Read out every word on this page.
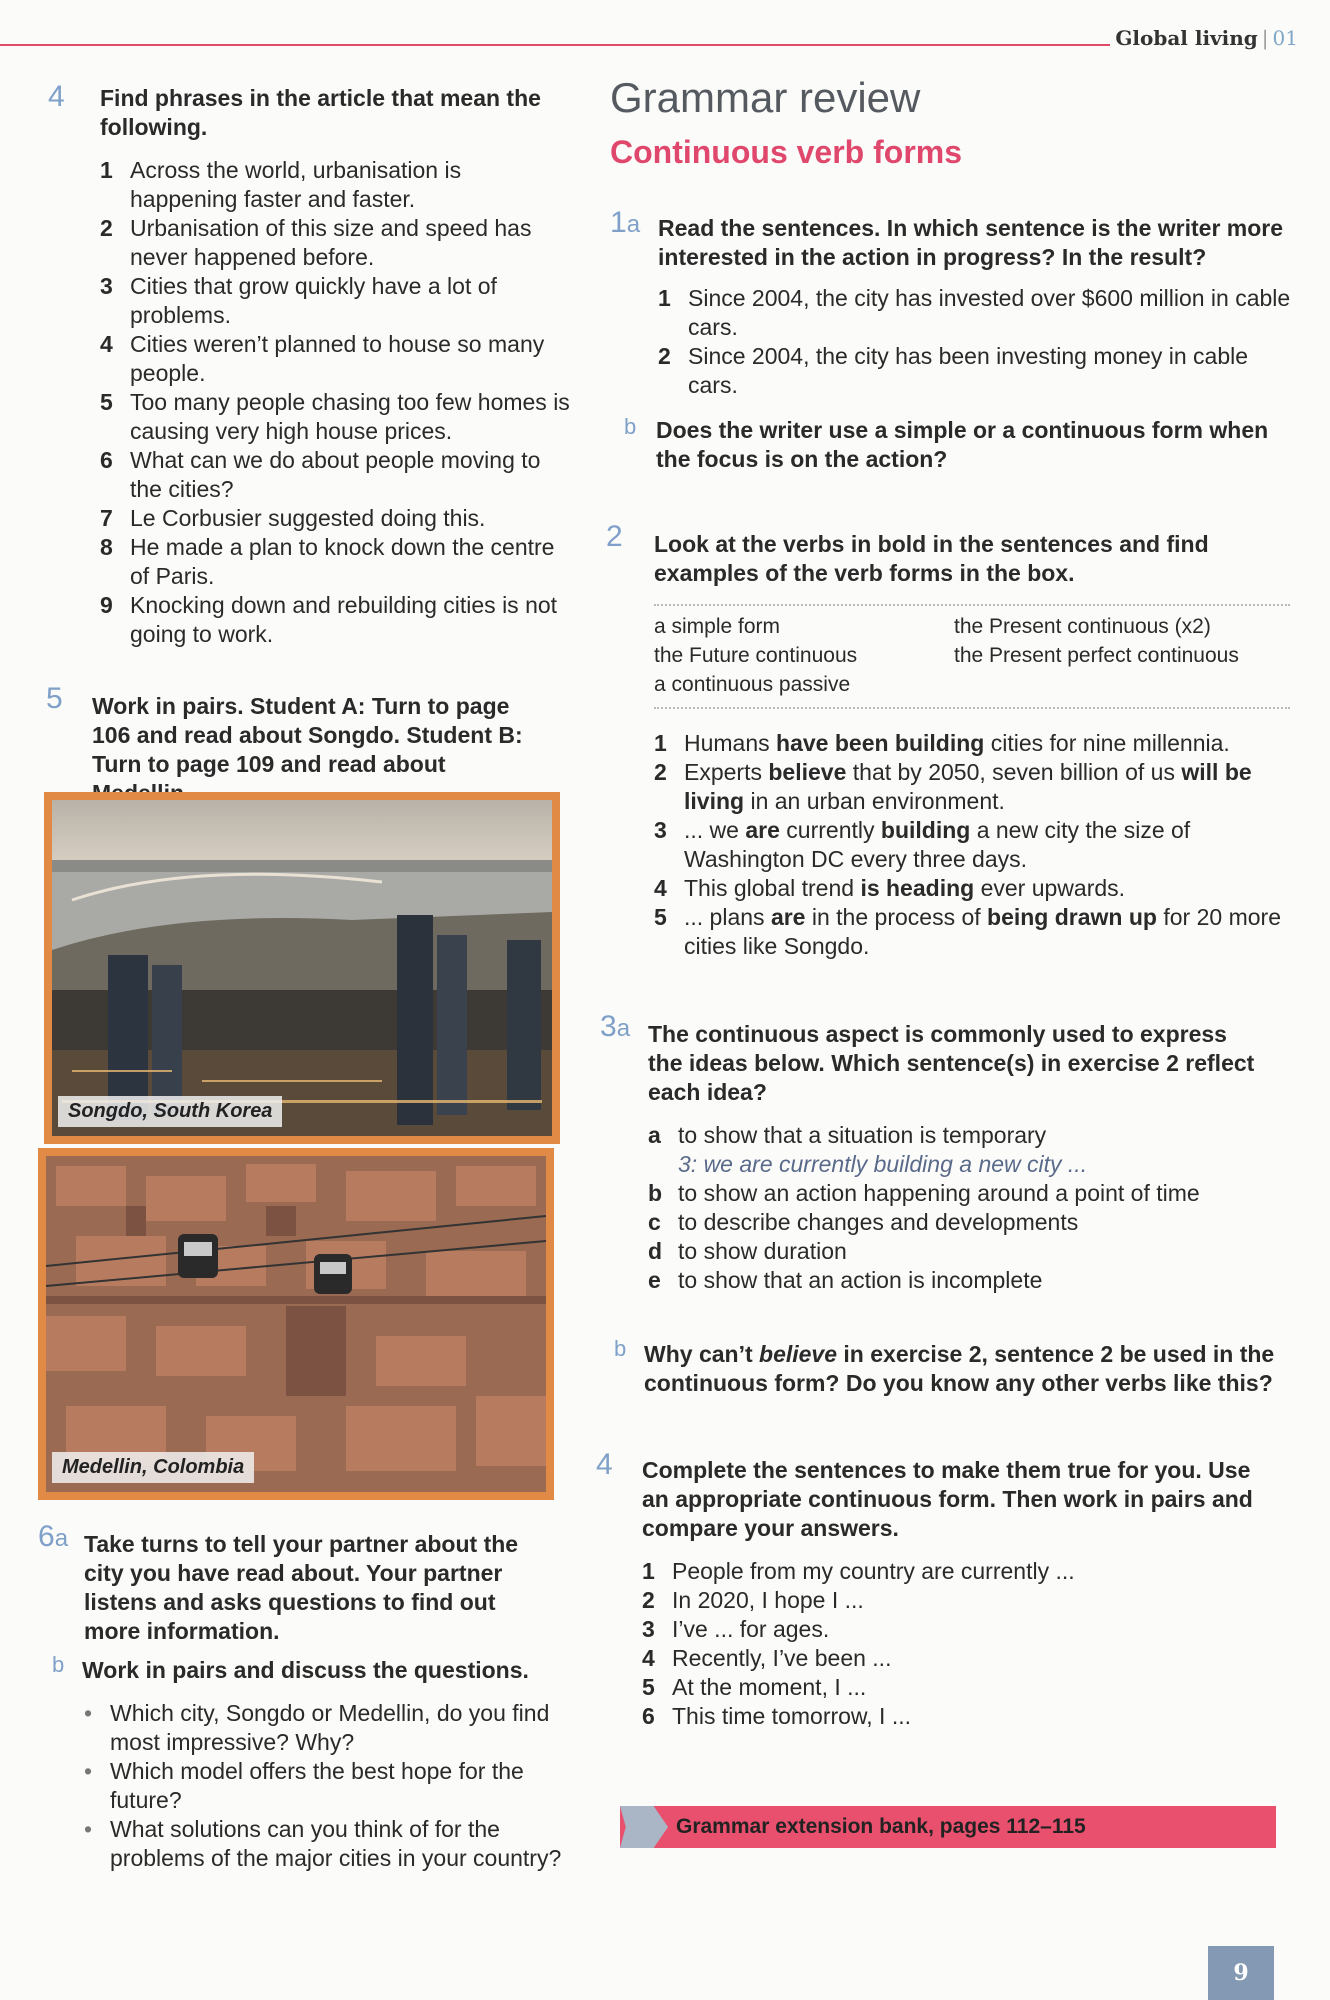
Global living | 01
4 Find phrases in the article that mean the following.
1 Across the world, urbanisation is happening faster and faster.
2 Urbanisation of this size and speed has never happened before.
3 Cities that grow quickly have a lot of problems.
4 Cities weren’t planned to house so many people.
5 Too many people chasing too few homes is causing very high house prices.
6 What can we do about people moving to the cities?
7 Le Corbusier suggested doing this.
8 He made a plan to knock down the centre of Paris.
9 Knocking down and rebuilding cities is not going to work.
5 Work in pairs. Student A: Turn to page 106 and read about Songdo. Student B: Turn to page 109 and read about
Songdo, South Korea
Medellin, Colombia
6a Take turns to tell your partner about the city you have read about. Your partner listens and asks questions to find out more information.
b Work in pairs and discuss the questions.
• Which city, Songdo or Medellin, do you find most impressive? Why?
• Which model offers the best hope for the future?
• What solutions can you think of for the problems of the major cities in your country?
Grammar review
Continuous verb forms
1a Read the sentences. In which sentence is the writer more interested in the action in progress? In the result?
1 Since 2004, the city has invested over $600 million in cable cars.
2 Since 2004, the city has been investing money in cable cars.
b Does the writer use a simple or a continuous form when the focus is on the action?
2 Look at the verbs in bold in the sentences and find examples of the verb forms in the box.
a simple form	the Present continuous (x2)
the Future continuous	the Present perfect continuous
a continuous passive
1 Humans have been building cities for nine millennia.
2 Experts believe that by 2050, seven billion of us will be living in an urban environment.
3 ... we are currently building a new city the size of Washington DC every three days.
4 This global trend is heading ever upwards.
5 ... plans are in the process of being drawn up for 20 more cities like Songdo.
3a The continuous aspect is commonly used to express the ideas below. Which sentence(s) in exercise 2 reflect each idea?
a to show that a situation is temporary
3: we are currently building a new city ...
b to show an action happening around a point of time
c to describe changes and developments
d to show duration
e to show that an action is incomplete
b Why can’t believe in exercise 2, sentence 2 be used in the continuous form? Do you know any other verbs like this?
4 Complete the sentences to make them true for you. Use an appropriate continuous form. Then work in pairs and compare your answers.
1 People from my country are currently ...
2 In 2020, I hope I ...
3 I’ve ... for ages.
4 Recently, I’ve been ...
5 At the moment, I ...
6 This time tomorrow, I ...
Grammar extension bank, pages 112–115
9
